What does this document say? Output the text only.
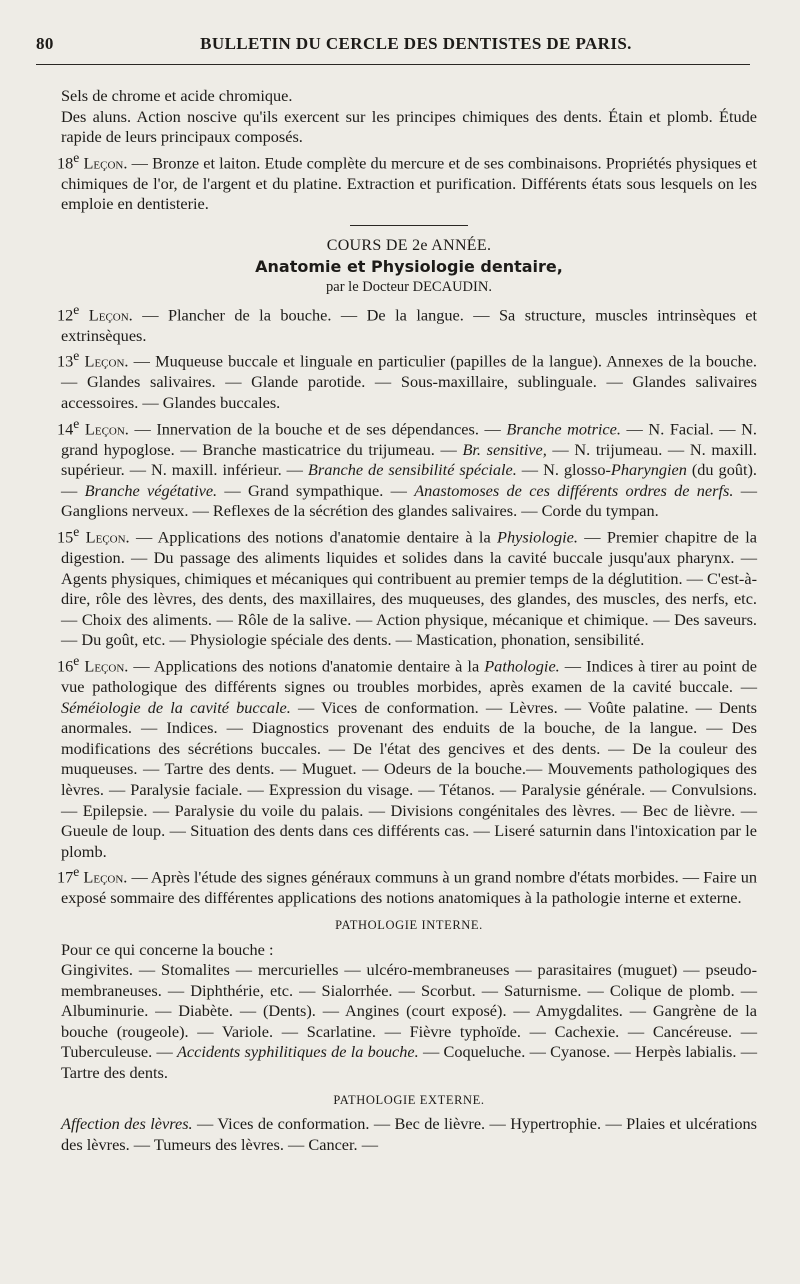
80	BULLETIN DU CERCLE DES DENTISTES DE PARIS.

Sels de chrome et acide chromique.

Des aluns. Action noscive qu'ils exercent sur les principes chimiques des dents. Étain et plomb. Étude rapide de leurs principaux composés.

18e Leçon. — Bronze et laiton. Etude complète du mercure et de ses combinaisons. Propriétés physiques et chimiques de l'or, de l'argent et du platine. Extraction et purification. Différents états sous lesquels on les emploie en dentisterie.

COURS DE 2e ANNÉE.
Anatomie et Physiologie dentaire,
par le Docteur DECAUDIN.

12e Leçon. — Plancher de la bouche. — De la langue. — Sa structure, muscles intrinsèques et extrinsèques.

13e Leçon. — Muqueuse buccale et linguale en particulier (papilles de la langue). Annexes de la bouche. — Glandes salivaires. — Glande parotide. — Sous-maxillaire, sublinguale. — Glandes salivaires accessoires. — Glandes buccales.

14e Leçon. — Innervation de la bouche et de ses dépendances. — Branche motrice. — N. Facial. — N. grand hypoglose. — Branche masticatrice du trijumeau. — Br. sensitive, — N. trijumeau. — N. maxill. supérieur. — N. maxill. inférieur. — Branche de sensibilité spéciale. — N. glosso-Pharyngien (du goût). — Branche végétative. — Grand sympathique. — Anastomoses de ces différents ordres de nerfs. — Ganglions nerveux. — Reflexes de la sécrétion des glandes salivaires. — Corde du tympan.

15e Leçon. — Applications des notions d'anatomie dentaire à la Physiologie. — Premier chapitre de la digestion. — Du passage des aliments liquides et solides dans la cavité buccale jusqu'aux pharynx. — Agents physiques, chimiques et mécaniques qui contribuent au premier temps de la déglutition. — C'est-à-dire, rôle des lèvres, des dents, des maxillaires, des muqueuses, des glandes, des muscles, des nerfs, etc. — Choix des aliments. — Rôle de la salive. — Action physique, mécanique et chimique. — Des saveurs. — Du goût, etc. — Physiologie spéciale des dents. — Mastication, phonation, sensibilité.

16e Leçon. — Applications des notions d'anatomie dentaire à la Pathologie. — Indices à tirer au point de vue pathologique des différents signes ou troubles morbides, après examen de la cavité buccale. — Séméiologie de la cavité buccale. — Vices de conformation. — Lèvres. — Voûte palatine. — Dents anormales. — Indices. — Diagnostics provenant des enduits de la bouche, de la langue. — Des modifications des sécrétions buccales. — De l'état des gencives et des dents. — De la couleur des muqueuses. — Tartre des dents. — Muguet. — Odeurs de la bouche.— Mouvements pathologiques des lèvres. — Paralysie faciale. — Expression du visage. — Tétanos. — Paralysie générale. — Convulsions. — Epilepsie. — Paralysie du voile du palais. — Divisions congénitales des lèvres. — Bec de lièvre. — Gueule de loup. — Situation des dents dans ces différents cas. — Liseré saturnin dans l'intoxication par le plomb.

17e Leçon. — Après l'étude des signes généraux communs à un grand nombre d'états morbides. — Faire un exposé sommaire des différentes applications des notions anatomiques à la pathologie interne et externe.

PATHOLOGIE INTERNE.

Pour ce qui concerne la bouche :

Gingivites. — Stomalites — mercurielles — ulcéro-membraneuses — parasitaires (muguet) — pseudo-membraneuses. — Diphthérie, etc. — Sialorrhée. — Scorbut. — Saturnisme. — Colique de plomb. — Albuminurie. — Diabète. — (Dents). — Angines (court exposé). — Amygdalites. — Gangrène de la bouche (rougeole). — Variole. — Scarlatine. — Fièvre typhoïde. — Cachexie. — Cancéreuse. — Tuberculeuse. — Accidents syphilitiques de la bouche. — Coqueluche. — Cyanose. — Herpès labialis. — Tartre des dents.

PATHOLOGIE EXTERNE.

Affection des lèvres. — Vices de conformation. — Bec de lièvre. — Hypertrophie. — Plaies et ulcérations des lèvres. — Tumeurs des lèvres. — Cancer. —
